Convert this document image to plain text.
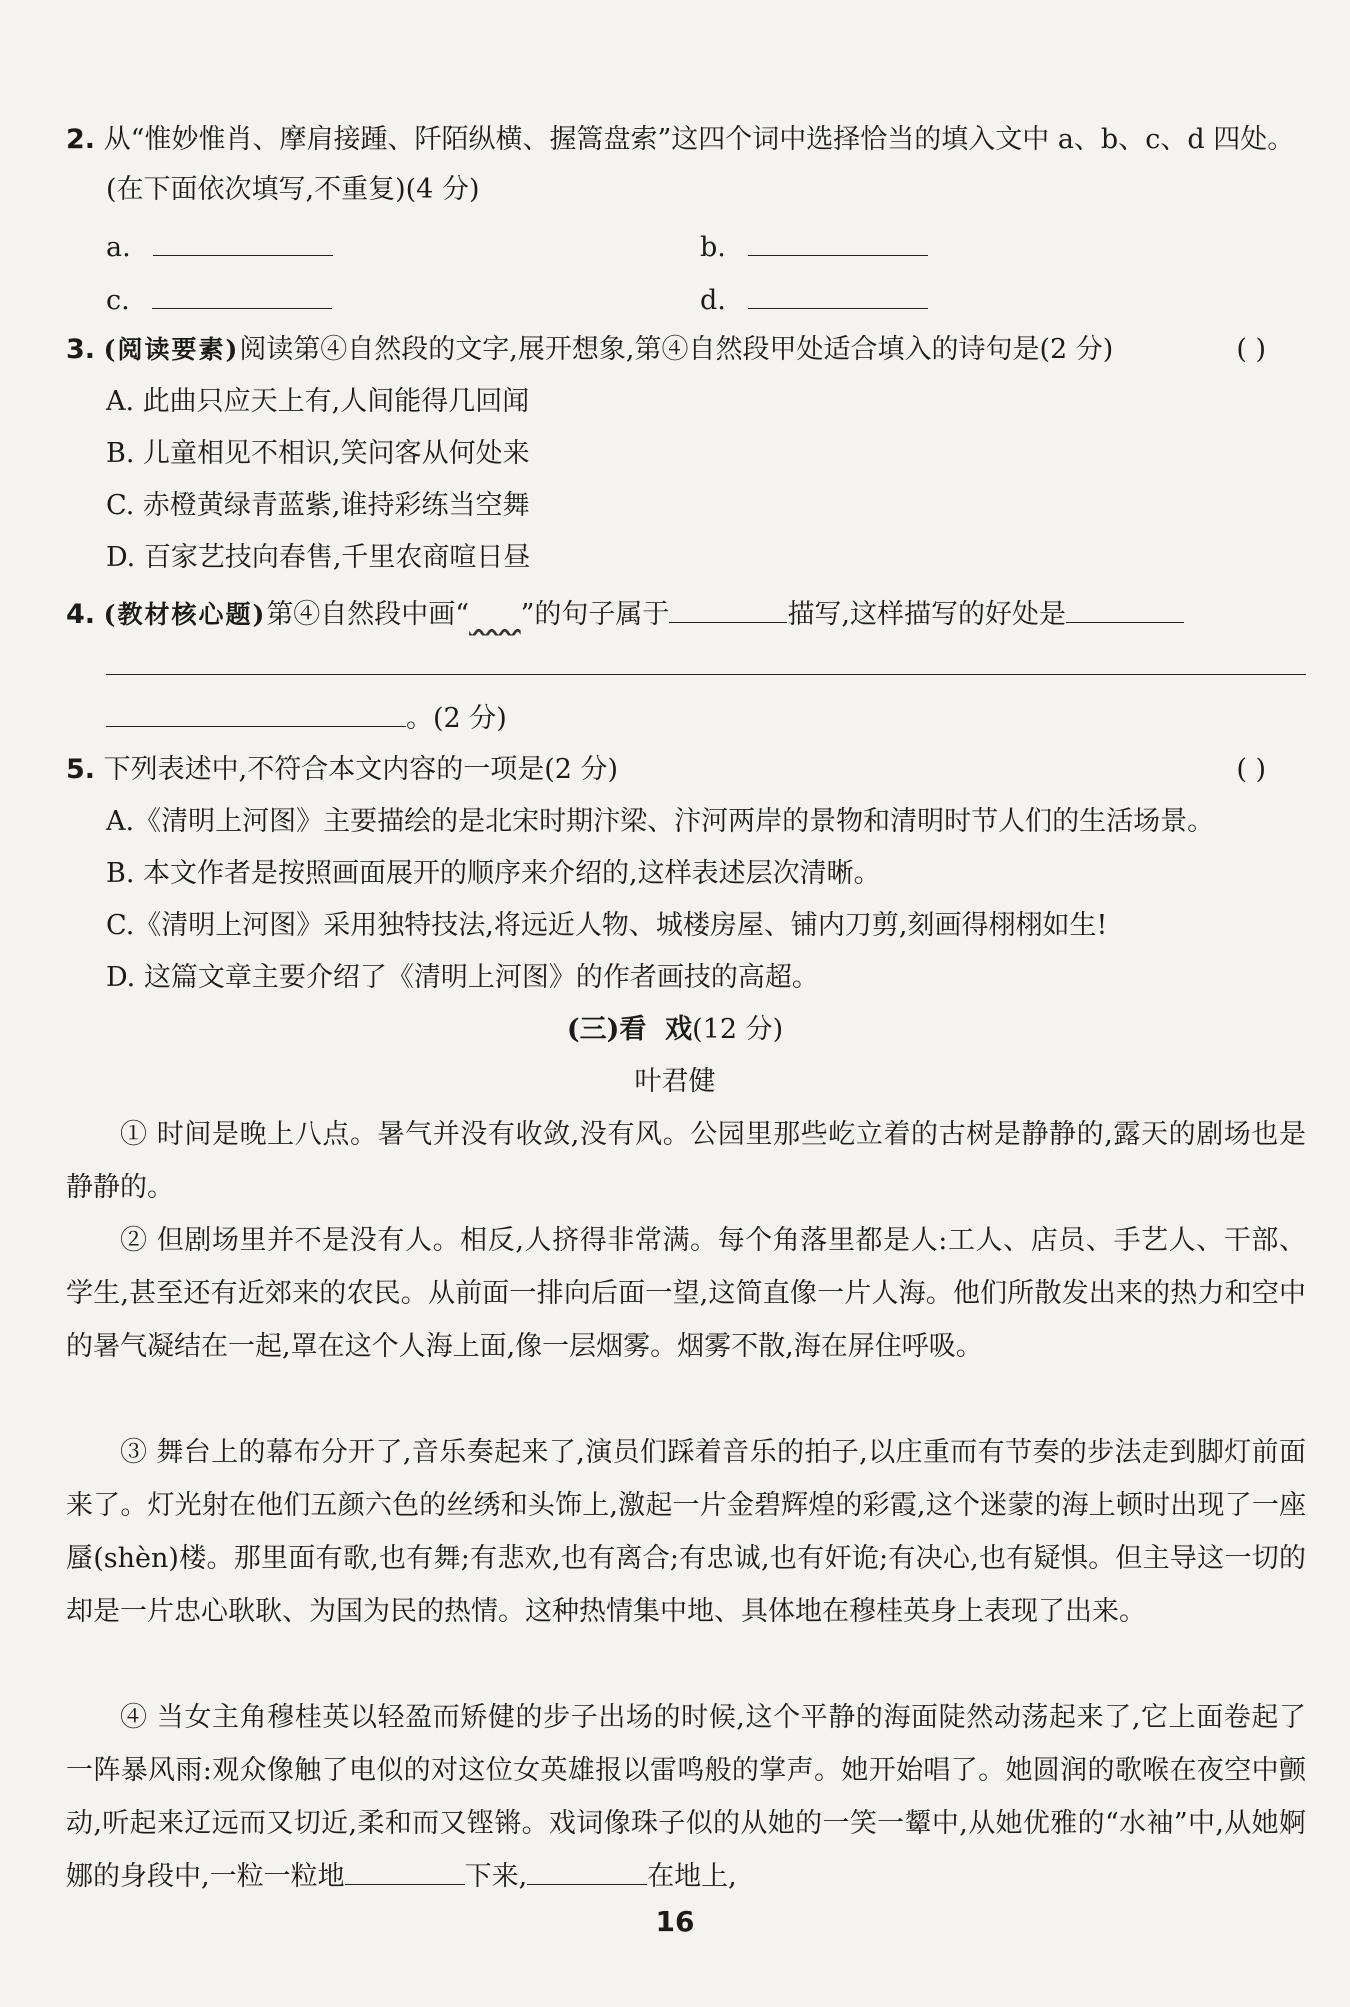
2. 从“惟妙惟肖、摩肩接踵、阡陌纵横、握篙盘索”这四个词中选择恰当的填入文中 a、b、c、d 四处。
(在下面依次填写,不重复)(4 分)
a.	b.
c.	d.
3. (阅读要素)阅读第④自然段的文字,展开想象,第④自然段甲处适合填入的诗句是(2 分)	( )
A. 此曲只应天上有,人间能得几回闻
B. 儿童相见不相识,笑问客从何处来
C. 赤橙黄绿青蓝紫,谁持彩练当空舞
D. 百家艺技向春售,千里农商喧日昼
4. (教材核心题)第④自然段中画“ ”的句子属于	描写,这样描写的好处是
。(2 分)
5. 下列表述中,不符合本文内容的一项是(2 分)	( )
A.《清明上河图》主要描绘的是北宋时期汴梁、汴河两岸的景物和清明时节人们的生活场景。
B. 本文作者是按照画面展开的顺序来介绍的,这样表述层次清晰。
C.《清明上河图》采用独特技法,将远近人物、城楼房屋、铺内刀剪,刻画得栩栩如生!
D. 这篇文章主要介绍了《清明上河图》的作者画技的高超。
(三)看  戏(12 分)
叶君健
① 时间是晚上八点。暑气并没有收敛,没有风。公园里那些屹立着的古树是静静的,露天的剧场也是静静的。
② 但剧场里并不是没有人。相反,人挤得非常满。每个角落里都是人:工人、店员、手艺人、干部、学生,甚至还有近郊来的农民。从前面一排向后面一望,这简直像一片人海。他们所散发出来的热力和空中的暑气凝结在一起,罩在这个人海上面,像一层烟雾。烟雾不散,海在屏住呼吸。
③ 舞台上的幕布分开了,音乐奏起来了,演员们踩着音乐的拍子,以庄重而有节奏的步法走到脚灯前面来了。灯光射在他们五颜六色的丝绣和头饰上,激起一片金碧辉煌的彩霞,这个迷蒙的海上顿时出现了一座蜃(shèn)楼。那里面有歌,也有舞;有悲欢,也有离合;有忠诚,也有奸诡;有决心,也有疑惧。但主导这一切的却是一片忠心耿耿、为国为民的热情。这种热情集中地、具体地在穆桂英身上表现了出来。
④ 当女主角穆桂英以轻盈而矫健的步子出场的时候,这个平静的海面陡然动荡起来了,它上面卷起了一阵暴风雨:观众像触了电似的对这位女英雄报以雷鸣般的掌声。她开始唱了。她圆润的歌喉在夜空中颤动,听起来辽远而又切近,柔和而又铿锵。戏词像珠子似的从她的一笑一颦中,从她优雅的“水袖”中,从她婀娜的身段中,一粒一粒地	下来,	在地上,
16
